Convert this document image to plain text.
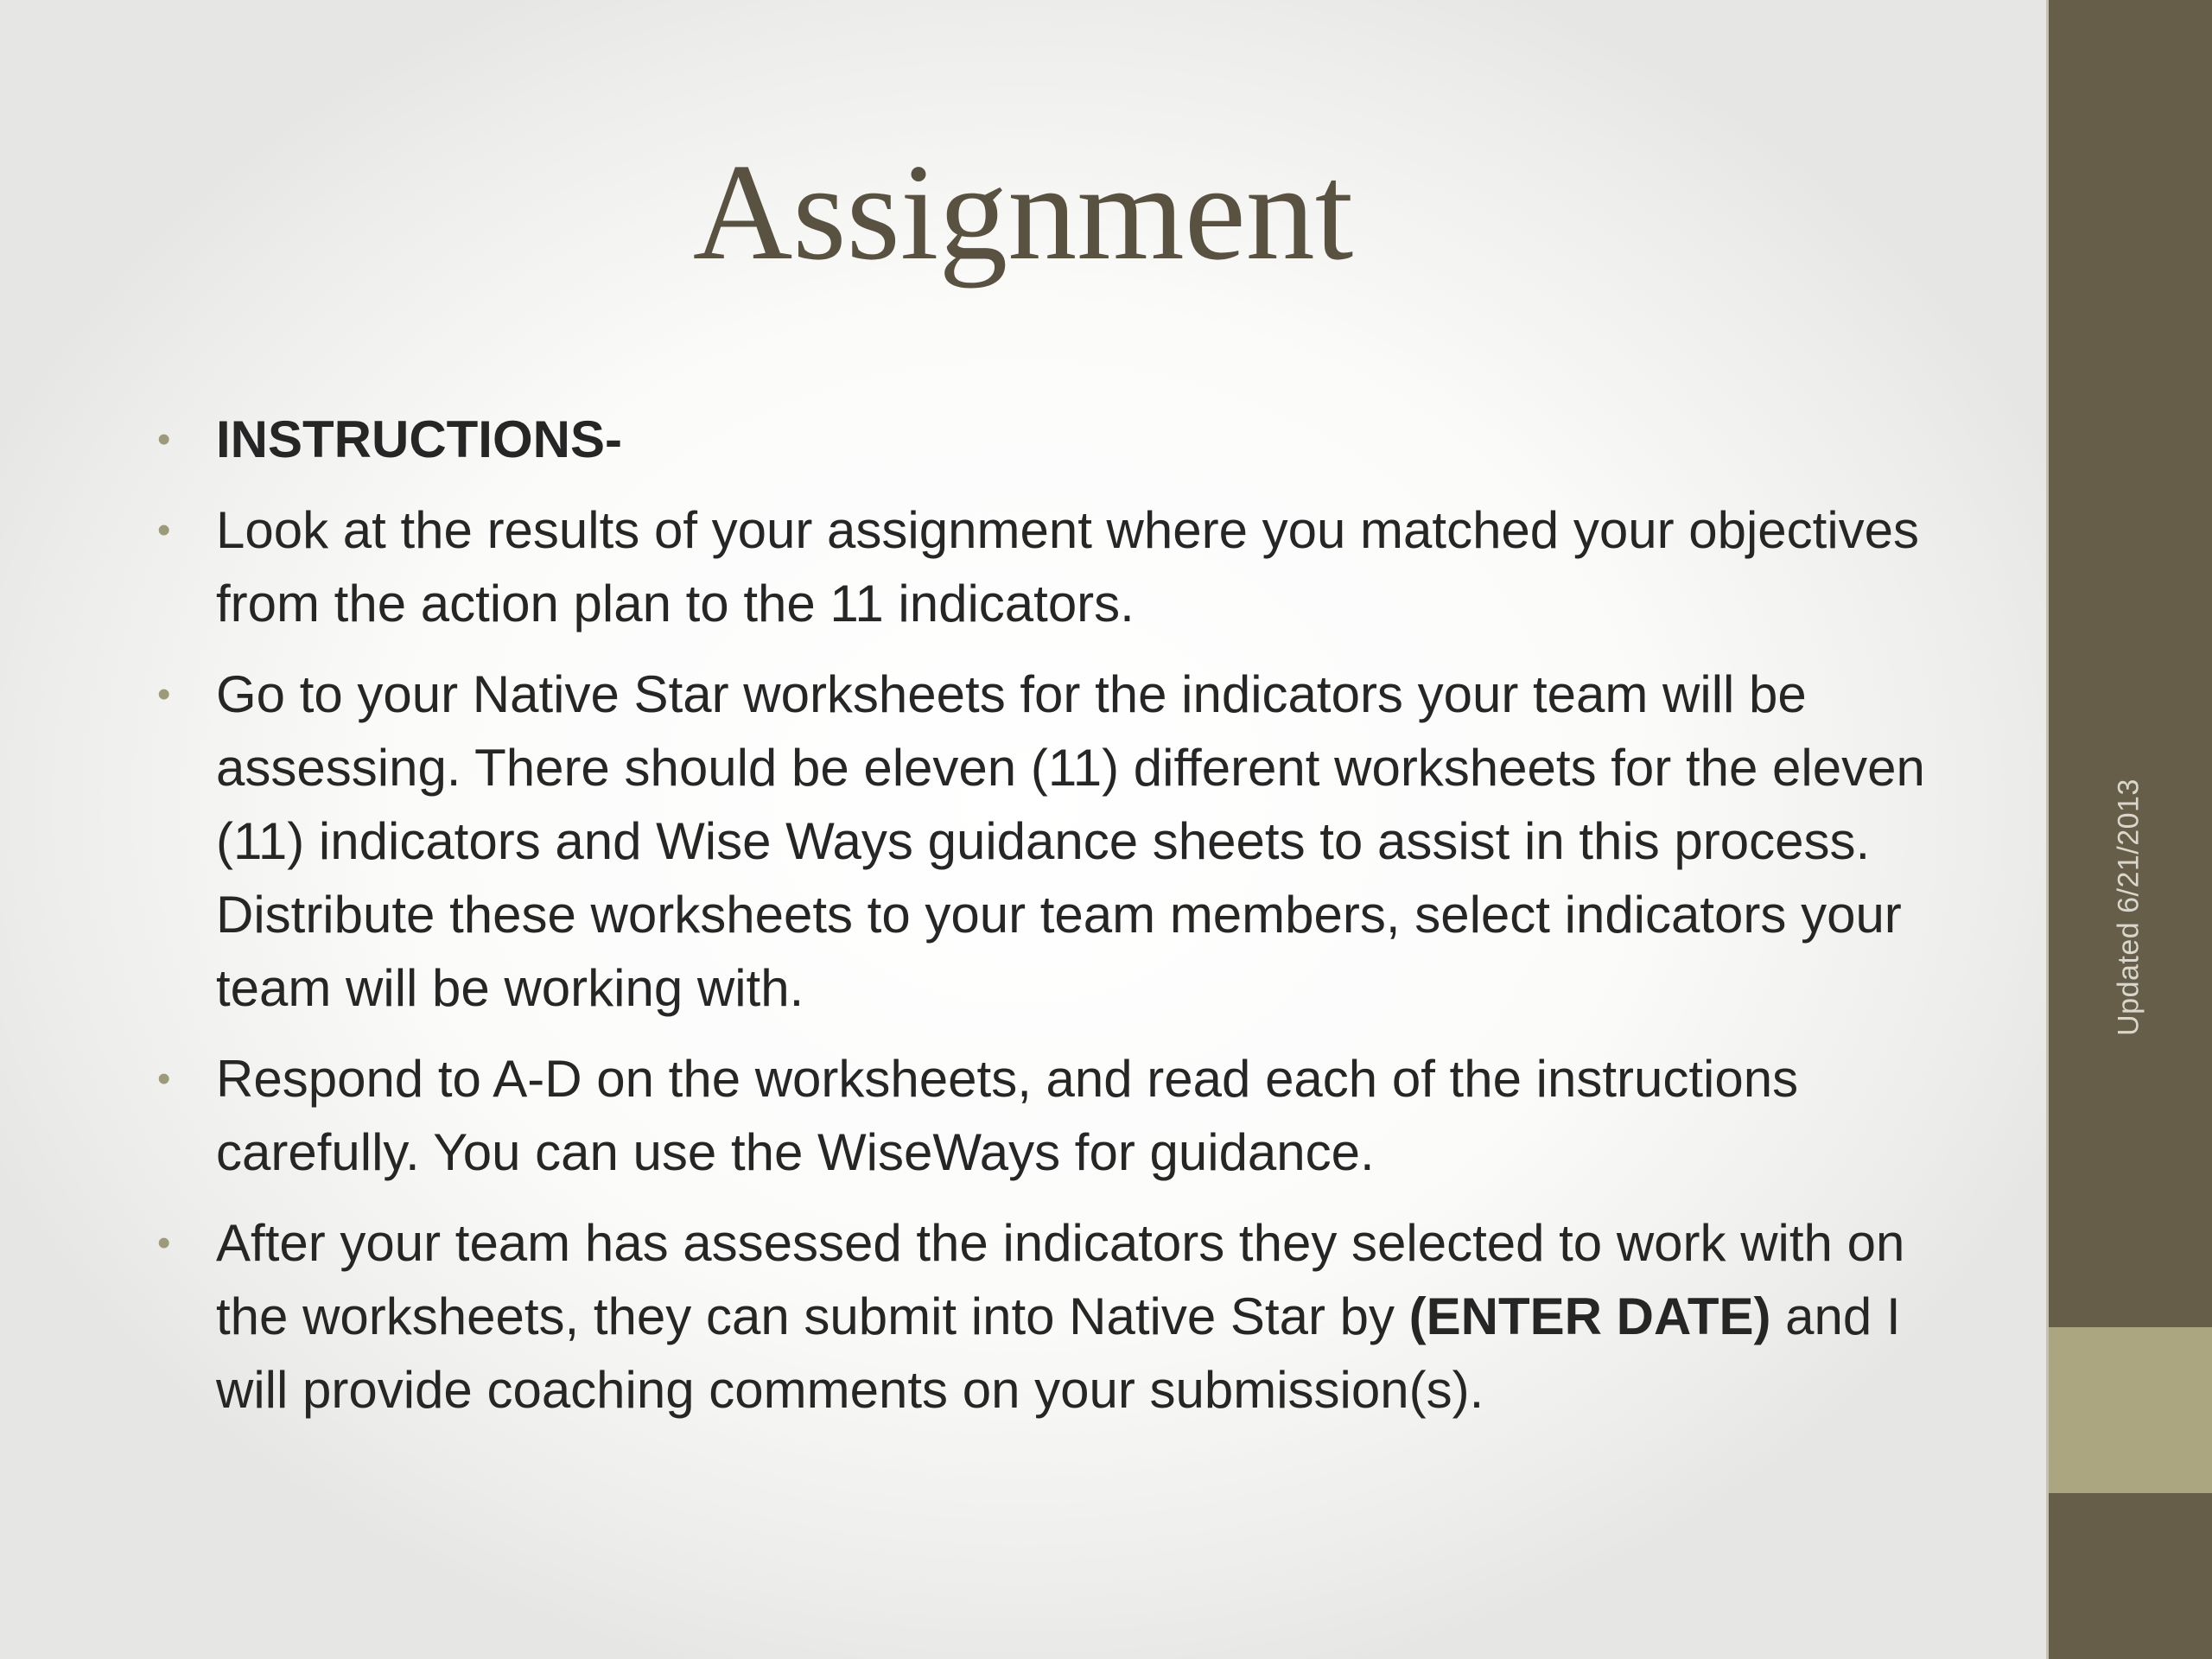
Assignment
• INSTRUCTIONS-
• Look at the results of your assignment where you matched your objectives from the action plan to the 11 indicators.
• Go to your Native Star worksheets for the indicators your team will be assessing. There should be eleven (11) different worksheets for the eleven (11) indicators and Wise Ways guidance sheets to assist in this process. Distribute these worksheets to your team members, select indicators your team will be working with.
• Respond to A-D on the worksheets, and read each of the instructions carefully. You can use the WiseWays for guidance.
• After your team has assessed the indicators they selected to work with on the worksheets, they can submit into Native Star by (ENTER DATE) and I will provide coaching comments on your submission(s).
Updated 6/21/2013
